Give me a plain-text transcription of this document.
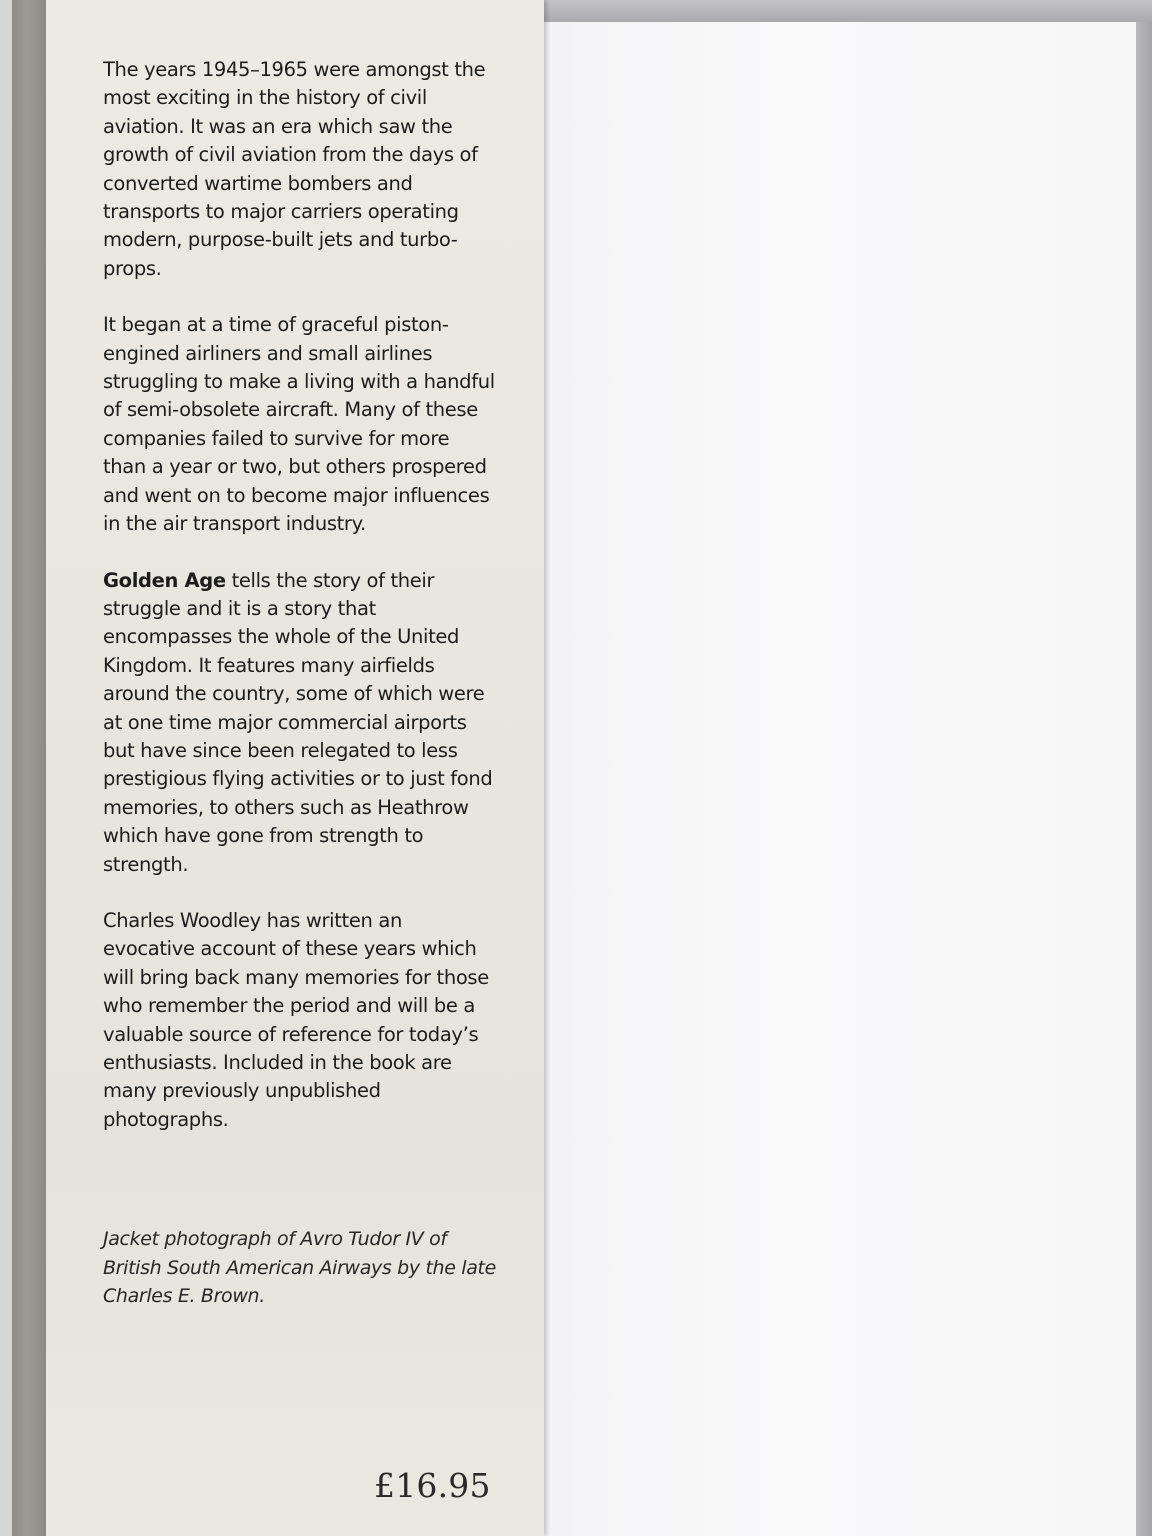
The years 1945–1965 were amongst the most exciting in the history of civil aviation. It was an era which saw the growth of civil aviation from the days of converted wartime bombers and transports to major carriers operating modern, purpose-built jets and turbo-props.

It began at a time of graceful piston-engined airliners and small airlines struggling to make a living with a handful of semi-obsolete aircraft. Many of these companies failed to survive for more than a year or two, but others prospered and went on to become major influences in the air transport industry.

Golden Age tells the story of their struggle and it is a story that encompasses the whole of the United Kingdom. It features many airfields around the country, some of which were at one time major commercial airports but have since been relegated to less prestigious flying activities or to just fond memories, to others such as Heathrow which have gone from strength to strength.

Charles Woodley has written an evocative account of these years which will bring back many memories for those who remember the period and will be a valuable source of reference for today’s enthusiasts. Included in the book are many previously unpublished photographs.

Jacket photograph of Avro Tudor IV of British South American Airways by the late Charles E. Brown.
£16.95
